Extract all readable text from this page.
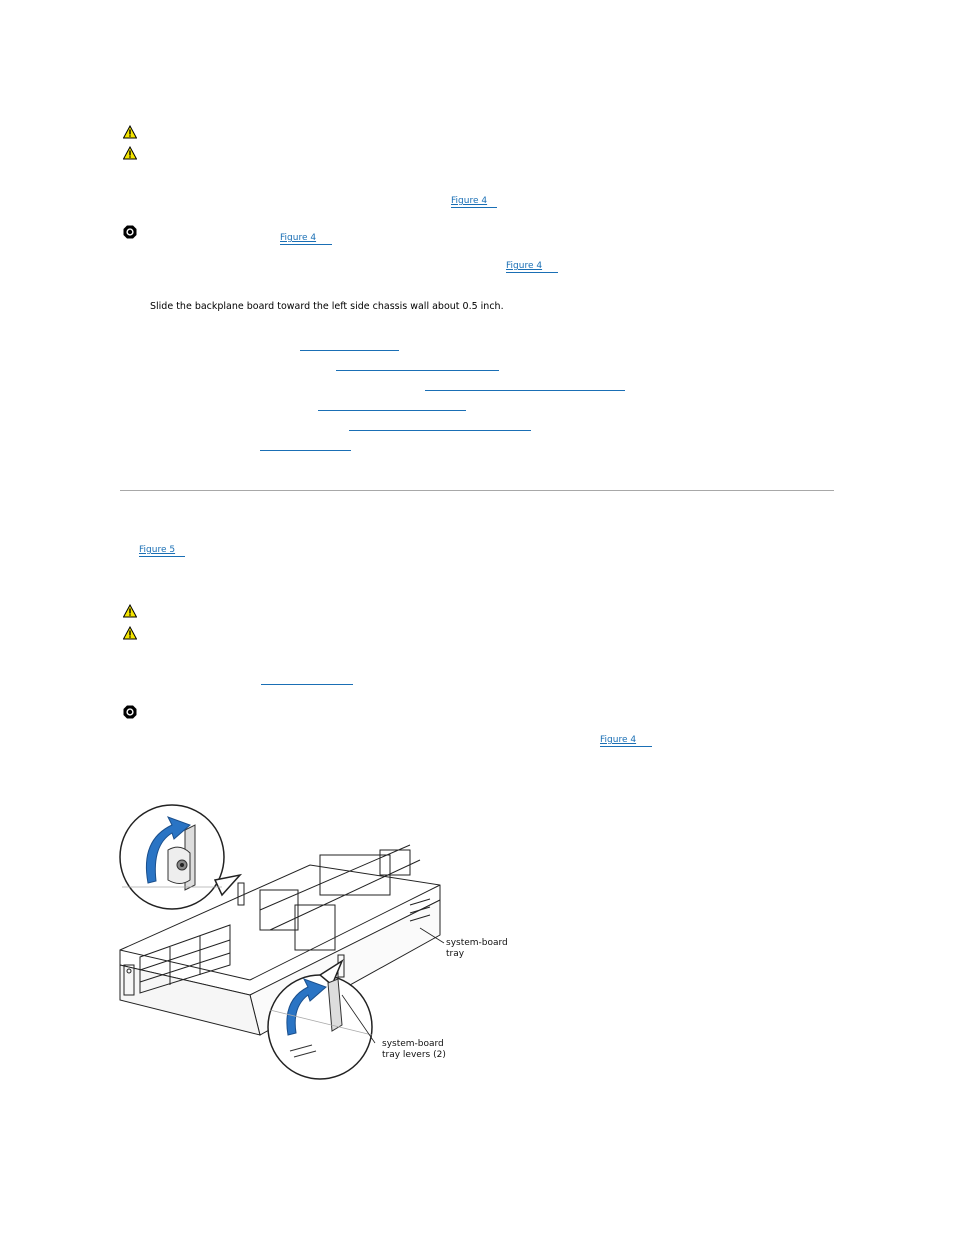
Figure 4
Figure 4
Figure 4
Slide the backplane board toward the left side chassis wall about 0.5 inch.
Figure 5
Figure 4
system-board
tray
system-board
tray levers (2)
